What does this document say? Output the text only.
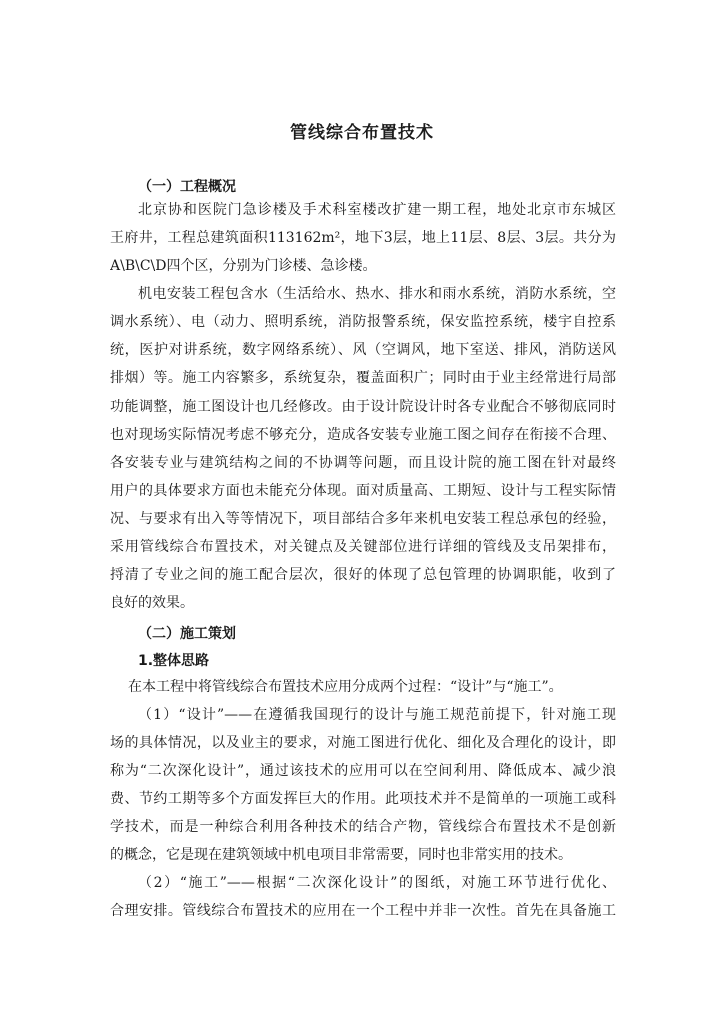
管线综合布置技术
（一）工程概况
北京协和医院门急诊楼及手术科室楼改扩建一期工程，地处北京市东城区
王府井，工程总建筑面积113162m²，地下3层，地上11层、8层、3层。共分为
A\B\C\D四个区，分别为门诊楼、急诊楼。
机电安装工程包含水（生活给水、热水、排水和雨水系统，消防水系统，空
调水系统）、电（动力、照明系统，消防报警系统，保安监控系统，楼宇自控系
统，医护对讲系统，数字网络系统）、风（空调风，地下室送、排风，消防送风
排烟）等。施工内容繁多，系统复杂，覆盖面积广；同时由于业主经常进行局部
功能调整，施工图设计也几经修改。由于设计院设计时各专业配合不够彻底同时
也对现场实际情况考虑不够充分，造成各安装专业施工图之间存在衔接不合理、
各安装专业与建筑结构之间的不协调等问题，而且设计院的施工图在针对最终
用户的具体要求方面也未能充分体现。面对质量高、工期短、设计与工程实际情
况、与要求有出入等等情况下，项目部结合多年来机电安装工程总承包的经验，
采用管线综合布置技术，对关键点及关键部位进行详细的管线及支吊架排布，
捋清了专业之间的施工配合层次，很好的体现了总包管理的协调职能，收到了
良好的效果。
（二）施工策划
1.整体思路
在本工程中将管线综合布置技术应用分成两个过程：“设计”与“施工”。
（1）“设计”——在遵循我国现行的设计与施工规范前提下，针对施工现
场的具体情况，以及业主的要求，对施工图进行优化、细化及合理化的设计，即
称为“二次深化设计”，通过该技术的应用可以在空间利用、降低成本、减少浪
费、节约工期等多个方面发挥巨大的作用。此项技术并不是简单的一项施工或科
学技术，而是一种综合利用各种技术的结合产物，管线综合布置技术不是创新
的概念，它是现在建筑领域中机电项目非常需要，同时也非常实用的技术。
（2）“施工”——根据“二次深化设计”的图纸，对施工环节进行优化、
合理安排。管线综合布置技术的应用在一个工程中并非一次性。首先在具备施工
